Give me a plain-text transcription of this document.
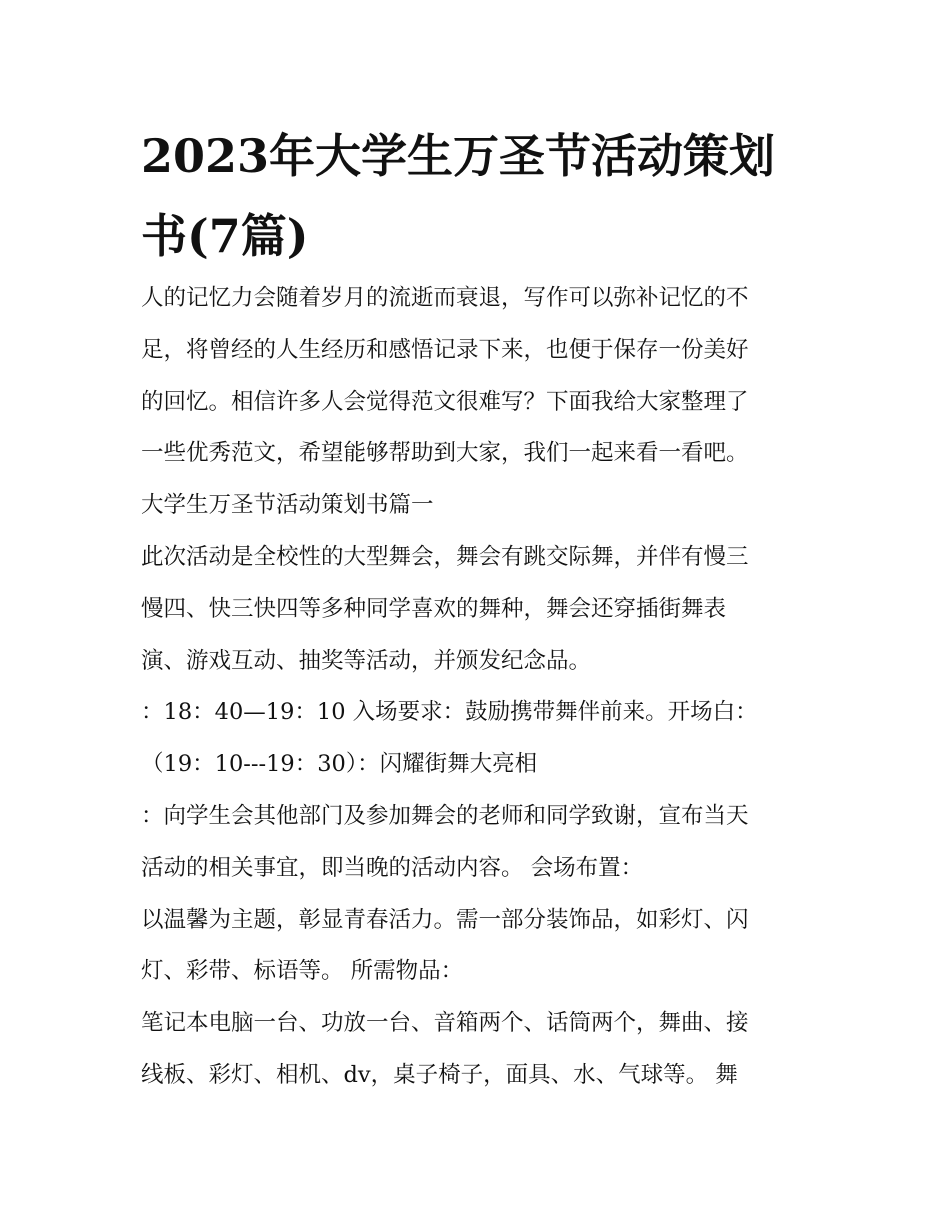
2023年大学生万圣节活动策划
书(7篇)

人的记忆力会随着岁月的流逝而衰退，写作可以弥补记忆的不

足，将曾经的人生经历和感悟记录下来，也便于保存一份美好

的回忆。相信许多人会觉得范文很难写？下面我给大家整理了

一些优秀范文，希望能够帮助到大家，我们一起来看一看吧。

大学生万圣节活动策划书篇一

此次活动是全校性的大型舞会，舞会有跳交际舞，并伴有慢三

慢四、快三快四等多种同学喜欢的舞种，舞会还穿插街舞表

演、游戏互动、抽奖等活动，并颁发纪念品。

：18：40—19：10 入场要求：鼓励携带舞伴前来。开场白：

（19：10---19：30）：闪耀街舞大亮相

：向学生会其他部门及参加舞会的老师和同学致谢，宣布当天

活动的相关事宜，即当晚的活动内容。 会场布置：

以温馨为主题，彰显青春活力。需一部分装饰品，如彩灯、闪

灯、彩带、标语等。 所需物品：

笔记本电脑一台、功放一台、音箱两个、话筒两个，舞曲、接

线板、彩灯、相机、dv，桌子椅子，面具、水、气球等。 舞
